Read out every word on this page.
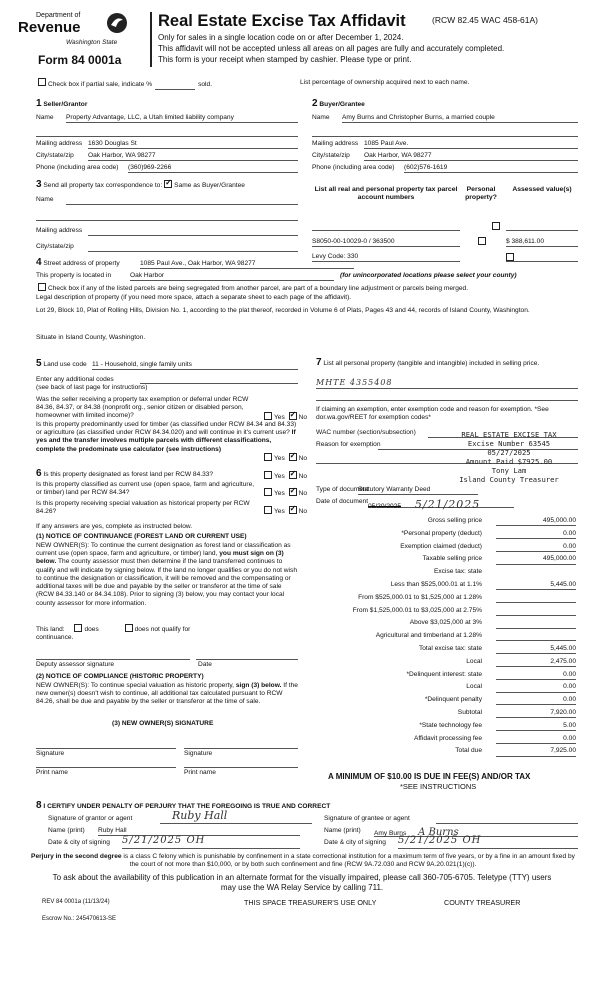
Department of
Revenue
Washington State
Form 84 0001a
Real Estate Excise Tax Affidavit	(RCW 82.45 WAC 458-61A)
Only for sales in a single location code on or after December 1, 2024.
This affidavit will not be accepted unless all areas on all pages are fully and accurately completed.
This form is your receipt when stamped by cashier. Please type or print.
Check box if partial sale, indicate %
	sold.	List percentage of ownership acquired next to each name.
1 Seller/Grantor
Name Property Advantage, LLC, a Utah limited liability company
Mailing address 1630 Douglas St
City/state/zip Oak Harbor, WA 98277
Phone (including area code) (360)969-2266
2 Buyer/Grantee
Name Amy Burns and Christopher Burns, a married couple
Mailing address 1085 Paul Ave.
City/state/zip Oak Harbor, WA 98277
Phone (including area code) (602)576-1619
3 Send all property tax correspondence to: ✓ Same as Buyer/Grantee
Name
Mailing address
City/state/zip
List all real and personal property tax parcel account numbers
Personal property?
Assessed value(s)
S8050-00-10029-0 / 363500
	$ 388,611.00
Levy Code: 330

4 Street address of property	1085 Paul Ave., Oak Harbor, WA 98277
This property is located in	Oak Harbor	(for unincorporated locations please select your county)
Check box if any of the listed parcels are being segregated from another parcel, are part of a boundary line adjustment or parcels being merged.
Legal description of property (if you need more space, attach a separate sheet to each page of the affidavit).
Lot 29, Block 10, Plat of Rolling Hills, Division No. 1, according to the plat thereof, recorded in Volume 6 of Plats, Pages 43 and 44, records of Island County, Washington.
Situate in Island County, Washington.
5 Land use code 11 - Household, single family units
Enter any additional codes
(see back of last page for instructions)
Was the seller receiving a property tax exemption or deferral under RCW 84.36, 84.37, or 84.38 (nonprofit org., senior citizen or disabled person, homeowner with limited income)?	Yes ✓ No
Is this property predominantly used for timber (as classified under RCW 84.34 and 84.33) or agriculture (as classified under RCW 84.34.020) and will continue in it's current use? If yes and the transfer involves multiple parcels with different classifications, complete the predominate use calculator (see instructions)
Yes ✓ No
6 Is this property designated as forest land per RCW 84.33?	Yes ✓ No
Is this property classified as current use (open space, farm and agriculture, or timber) land per RCW 84.34?	Yes ✓ No
Is this property receiving special valuation as historical property per RCW 84.26?	Yes ✓ No
If any answers are yes, complete as instructed below.
(1) NOTICE OF CONTINUANCE (FOREST LAND OR CURRENT USE)
NEW OWNER(S): To continue the current designation as forest land or classification as current use (open space, farm and agriculture, or timber) land, you must sign on (3) below. The county assessor must then determine if the land transferred continues to qualify and will indicate by signing below. If the land no longer qualifies or you do not wish to continue the designation or classification, it will be removed and the compensating or additional taxes will be due and payable by the seller or transferor at the time of sale (RCW 84.33.140 or 84.34.108). Prior to signing (3) below, you may contact your local county assessor for more information.
This land:	does	does not qualify for
continuance.
Deputy assessor signature	Date
(2) NOTICE OF COMPLIANCE (HISTORIC PROPERTY)
NEW OWNER(S): To continue special valuation as historic property, sign (3) below. If the new owner(s) doesn't wish to continue, all additional tax calculated pursuant to RCW 84.26, shall be due and payable by the seller or transferor at the time of sale.
(3) NEW OWNER(S) SIGNATURE
Signature	Signature
Print name	Print name
7 List all personal property (tangible and intangible) included in selling price.
MHTE 4355408
If claiming an exemption, enter exemption code and reason for exemption. *See dor.wa.gov/REET for exemption codes*
WAC number (section/subsection)
Reason for exemption
REAL ESTATE EXCISE TAX
Excise Number 63545
05/27/2025
Amount Paid $7925.00
Tony Lam
Island County Treasurer
Type of document
Statutory Warranty Deed
Date of document
05/20/2025 5/21/2025
Gross selling price	495,000.00
*Personal property (deduct)	0.00
Exemption claimed (deduct)	0.00
Taxable selling price	495,000.00
Excise tax: state

Less than $525,000.01 at 1.1%	5,445.00
From $525,000.01 to $1,525,000 at 1.28%

From $1,525,000.01 to $3,025,000 at 2.75%

Above $3,025,000 at 3%

Agricultural and timberland at 1.28%

Total excise tax: state	5,445.00
Local	2,475.00
*Delinquent interest: state	0.00
Local	0.00
*Delinquent penalty	0.00
Subtotal	7,920.00
*State technology fee	5.00
Affidavit processing fee	0.00
Total due	7,925.00
A MINIMUM OF $10.00 IS DUE IN FEE(S) AND/OR TAX
*SEE INSTRUCTIONS
8 I CERTIFY UNDER PENALTY OF PERJURY THAT THE FOREGOING IS TRUE AND CORRECT
Signature of grantor or agent	Ruby Hall
Name (print) Ruby Hall
Date & city of signing 5/21/2025 OH
Signature of grantee or agent
Name (print) Amy Burns A Burns
Date & city of signing 5/21/2025 OH
Perjury in the second degree is a class C felony which is punishable by confinement in a state correctional institution for a maximum term of five years, or by a fine in an amount fixed by the court of not more than $10,000, or by both such confinement and fine (RCW 9A.72.030 and RCW 9A.20.021(1)(c)).
To ask about the availability of this publication in an alternate format for the visually impaired, please call 360-705-6705. Teletype (TTY) users may use the WA Relay Service by calling 711.
REV 84 0001a (11/13/24)	THIS SPACE TREASURER'S USE ONLY	COUNTY TREASURER
Escrow No.: 245470613-SE
